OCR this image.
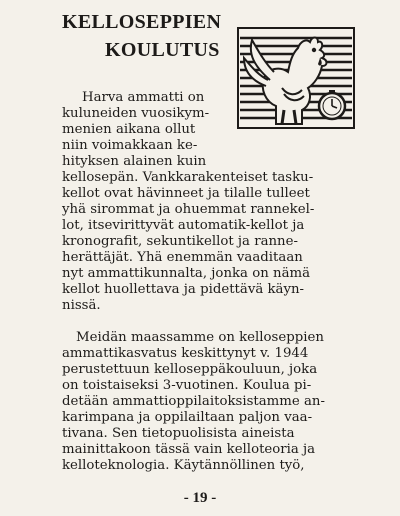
KELLOSEPPIEN
KOULUTUS
Harva ammatti on
kuluneiden vuosikym-
menien aikana ollut
niin voimakkaan ke-
hityksen alainen kuin
kellosepän. Vankkarakenteiset tasku-
kellot ovat hävinneet ja tilalle tulleet
yhä sirommat ja ohuemmat rannekel-
lot, itsevirittyvät automatik-kellot ja
kronografit, sekuntikellot ja ranne-
herättäjät. Yhä enemmän vaaditaan
nyt ammattikunnalta, jonka on nämä
kellot huollettava ja pidettävä käyn-
nissä.
Meidän maassamme on kelloseppien
ammattikasvatus keskittynyt v. 1944
perustettuun kelloseppäkouluun, joka
on toistaiseksi 3-vuotinen. Koulua pi-
detään ammattioppilaitoksistamme an-
karimpana ja oppilailtaan paljon vaa-
tivana. Sen tietopuolisista aineista
mainittakoon tässä vain kelloteoria ja
kelloteknologia. Käytännöllinen työ,
- 19 -
